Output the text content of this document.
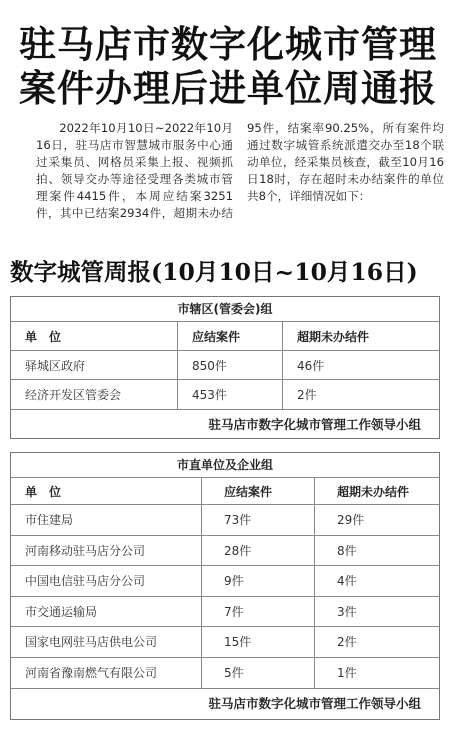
驻马店市数字化城市管理
案件办理后进单位周通报

2022年10月10日~2022年10月16日，驻马店市智慧城市服务中心通过采集员、网格员采集上报、视频抓拍、领导交办等途径受理各类城市管理案件4415件，本周应结案3251件，其中已结案2934件，超期未办结95件，结案率90.25%，所有案件均通过数字城管系统派遣交办至18个联动单位，经采集员核查，截至10月16日18时，存在超时未办结案件的单位共8个，详细情况如下：

数字城管周报(10月10日~10月16日)
市辖区(管委会)组
单　位	应结案件	超期未办结件
驿城区政府	850件	46件
经济开发区管委会	453件	2件
驻马店市数字化城市管理工作领导小组
市直单位及企业组
单　位	应结案件	超期未办结件
市住建局	73件	29件
河南移动驻马店分公司	28件	8件
中国电信驻马店分公司	9件	4件
市交通运输局	7件	3件
国家电网驻马店供电公司	15件	2件
河南省豫南燃气有限公司	5件	1件
驻马店市数字化城市管理工作领导小组
